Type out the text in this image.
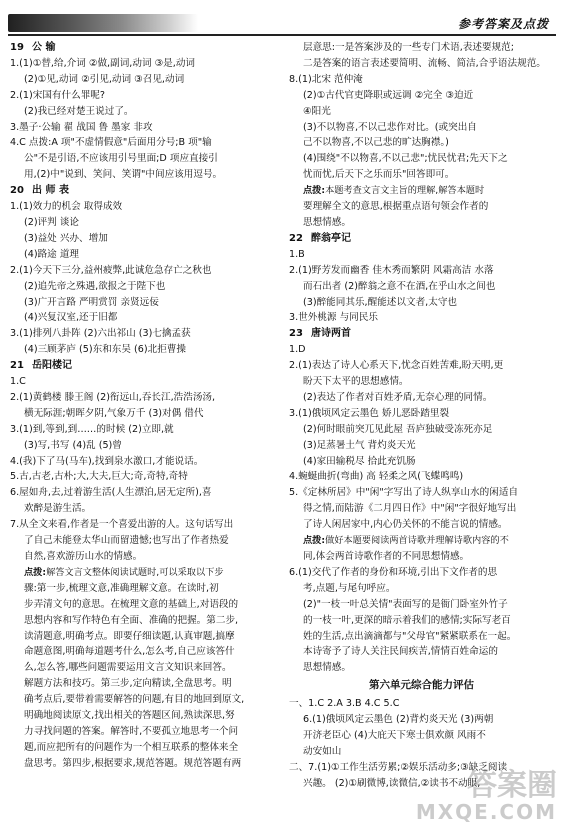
参考答案及点拨
19 公 输
1.(1)①替,给,介词 ②做,副词,动词 ③是,动词
(2)①见,动词 ②引见,动词 ③召见,动词
2.(1)宋国有什么罪呢?
(2)我已经对楚王说过了。
3.墨子·公输 翟 战国 鲁 墨家 非攻
4.C 点拨:A 项"不虚情假意"后面用分号;B 项"输
公"不是引语,不应该用引号里面;D 项应直接引
用,(2)中"说到、笑问、笑谓"中间应该用逗号。
20 出 师 表
1.(1)效力的机会 取得成效
(2)评判 谈论
(3)益处 兴办、增加
(4)路途 道理
2.(1)今天下三分,益州疲弊,此诚危急存亡之秋也
(2)追先帝之殊遇,欲报之于陛下也
(3)广开言路 严明赏罚 亲贤远佞
(4)兴复汉室,还于旧都
3.(1)排列八卦阵 (2)六出祁山 (3)七擒孟获
(4)三顾茅庐 (5)东和东吴 (6)北拒曹操
21 岳阳楼记
1.C
2.(1)黄鹤楼 滕王阁 (2)衔远山,吞长江,浩浩汤汤,
横无际涯;朝晖夕阴,气象万千 (3)对偶 借代
3.(1)到,等到,到……的时候 (2)立即,就
(3)写,书写 (4)乱 (5)曾
4.(我)下了马(马车),找到泉水激口,才能说话。
5.古,古老,古朴;大,大夫,巨大;奇,奇特,奇特
6.屋如舟,去,过着游生活(人生漂泊,居无定所),喜
欢醉是游生活。
7.从全文来看,作者是一个喜爱出游的人。这句话写出
了自己未能登太华山而留遗憾;也写出了作者热爱
自然,喜欢游历山水的情感。
点拨:解答文言文整体阅读试题时,可以采取以下步
骤:第一步,梳理文意,准确理解文意。在读时,初
步弄清文句的意思。在梳理文意的基础上,对语段的
思想内容和写作特色有全面、准确的把握。第二步,
读清题意,明确考点。即要仔细读题,认真审题,搞摩
命题意图,明确每道题考什么,怎么考,自己应该答什
么,怎么答,哪些问题需要运用文言文知识来回答。
解题方法和技巧。第三步,定向精读,全盘思考。明
确考点后,要带着需要解答的问题,有目的地回到原文,
明确地阅读原文,找出相关的答题区间,熟读深思,努
力寻找问题的答案。解答时,不要孤立地思考一个问
题,而应把所有的问题作为一个相互联系的整体来全
盘思考。第四步,根据要求,规范答题。规范答题有两
层意思:一是答案涉及的一些专门术语,表述要规范;
二是答案的语言表述要简明、流畅、简洁,合乎语法规范。
8.(1)北宋 范仲淹
(2)①古代官吏降职或远调 ②完全 ③迫近
④阳光
(3)不以物喜,不以己悲作对比。(或突出自
己不以物喜,不以己悲的旷达胸襟。)
(4)围绕"不以物喜,不以己悲";忧民忧君;先天下之
忧而忧,后天下之乐而乐"回答即可。
点拨:本题考查文言文主旨的理解,解答本题时
要理解全文的意思,根据重点语句领会作者的
思想情感。
22 醉翁亭记
1.B
2.(1)野芳发而幽香 佳木秀而繁阴 风霜高洁 水落
而石出者 (2)醉翁之意不在酒,在乎山水之间也
(3)醉能同其乐,醒能述以文者,太守也
3.世外桃源 与同民乐
23 唐诗两首
1.D
2.(1)表达了诗人心系天下,忧念百姓苦难,盼天明,更
盼天下太平的思想感情。
(2)表达了作者对百姓矛盾,无奈心理的同情。
3.(1)俄顷风定云墨色 娇儿恶卧踏里裂
(2)何时眼前突兀见此屋 吾庐独破受冻死亦足
(3)足蒸暑土气 背灼炎天光
(4)家田输税尽 拾此充饥肠
4.蜿蜒曲折(弯曲) 高 轻柔之风(飞蝶鸣鸣)
5.《定林所居》中"闲"字写出了诗人纵享山水的闲适自
得之情,而陆游《二月四日作》中"闲"字很好地写出
了诗人闲居家中,内心仍关怀的不能言说的情感。
点拨:做好本题要阅读两首诗歌并理解诗歌内容的不
同,体会两首诗歌作者的不同思想情感。
6.(1)交代了作者的身份和环境,引出下文作者的思
考,点题,与尾句呼应。
(2)"一枝一叶总关情"表面写的是衙门卧室外竹子
的一枝一叶,更深的暗示着我们的感情;实际写老百
姓的生活,点出滴滴都与"父母官"紧紧联系在一起。
本诗寄予了诗人关注民间疾苦,情情百姓命运的
思想情感。
第六单元综合能力评估
一、1.C 2.A 3.B 4.C 5.C
6.(1)俄顷风定云墨色 (2)背灼炎天光 (3)两朝
开济老臣心 (4)大庇天下寒士俱欢颜 风雨不
动安如山
二、7.(1)①工作生活劳累;②娱乐活动多;③缺乏阅读
兴趣。 (2)①刷微博,读微信,②读书不动眼,
答案圈
MXQE.COM
